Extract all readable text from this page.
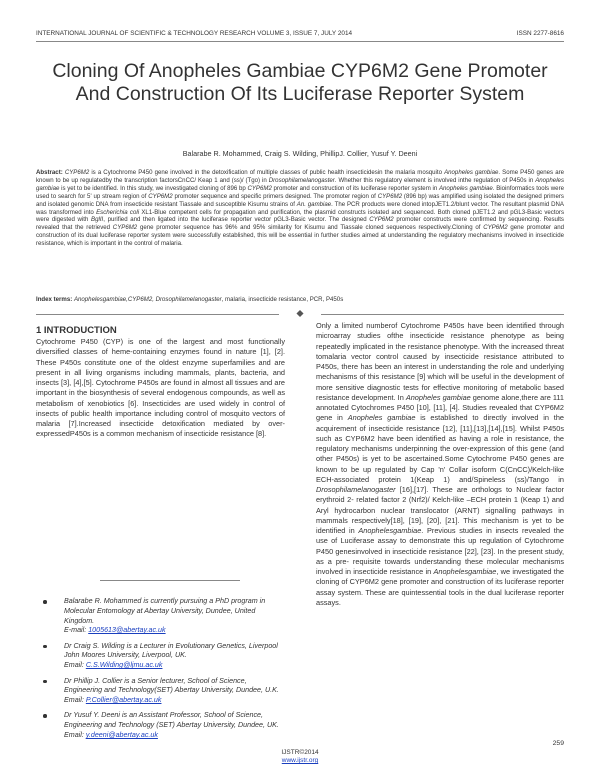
INTERNATIONAL JOURNAL OF SCIENTIFIC & TECHNOLOGY RESEARCH VOLUME 3, ISSUE 7, JULY 2014	ISSN 2277-8616
Cloning Of Anopheles Gambiae CYP6M2 Gene Promoter And Construction Of Its Luciferase Reporter System
Balarabe R. Mohammed, Craig S. Wilding, PhillipJ. Collier, Yusuf Y. Deeni
Abstract: CYP6M2 is a Cytochrome P450 gene involved in the detoxification of multiple classes of public health insecticidesin the malaria mosquito Anopheles gambiae. Some P450 genes are known to be up regulatedby the transcription factorsCnCC/ Keap 1 and (ss)/ (Tgo) in Drosophilamelanogaster. Whether this regulatory element is involved inthe regulation of P450s in Anopheles gambiae is yet to be identified. In this study, we investigated cloning of 896 bp CYP6M2 promoter and construction of its luciferase reporter system in Anopheles gambiae. Bioinformatics tools were used to search for 5' up stream region of CYP6M2 promoter sequence and specific primers designed. The promoter region of CYP6M2 (896 bp) was amplified using isolated the designed primers and isolated genomic DNA from insecticide resistant Tiassale and susceptible Kisumu strains of An. gambiae. The PCR products were cloned intopJET1.2/blunt vector. The resultant plasmid DNA was transformed into Escherichia coli XL1-Blue competent cells for propagation and purification, the plasmid constructs isolated and sequenced. Both cloned pJET1.2 and pGL3-Basic vectors were digested with BglII, purified and then ligated into the luciferase reporter vector pGL3-Basic vector. The designed CYP6M2 promoter constructs were confirmed by sequencing. Results revealed that the retrieved CYP6M2 gene promoter sequence has 96% and 95% similarity for Kisumu and Tiassale cloned sequences respectively.Cloning of CYP6M2 gene promoter and construction of its dual luciferase reporter system were successfully established, this will be essential in further studies aimed at understanding the regulatory mechanisms involved in insecticide resistance, which is important in the control of malaria.
Index terms: Anophelesgambiae,CYP6M2, Drosophilamelanogaster, malaria, insecticide resistance, PCR, P450s
1 INTRODUCTION

Cytochrome P450 (CYP) is one of the largest and most functionally diversified classes of heme-containing enzymes found in nature [1], [2]. These P450s constitute one of the oldest enzyme superfamilies and are present in all living organisms including mammals, plants, bacteria, and insects [3], [4],[5]. Cytochrome P450s are found in almost all tissues and are important in the biosynthesis of several endogenous compounds, as well as metabolism of xenobiotics [6]. Insecticides are used widely in control of insects of public health importance including control of mosquito vectors of malaria [7].Increased insecticide detoxification mediated by over-expressedP450s is a common mechanism of insecticide resistance [8].

Balarabe R. Mohammed is currently pursuing a PhD program in Molecular Entomology at Abertay University, Dundee, United Kingdom.
E-mail: 1005613@abertay.ac.uk
Dr Craig S. Wilding is a Lecturer in Evolutionary Genetics, Liverpool John Moores University, Liverpool, UK.
Email: C.S.Wilding@ljmu.ac.uk
Dr Phillip J. Collier is a Senior lecturer, School of Science, Engineering and Technology(SET) Abertay University, Dundee, U.K.
Email: P.Collier@abertay.ac.uk
Dr Yusuf Y. Deeni is an Assistant Professor, School of Science, Engineering and Technology (SET) Abertay University, Dundee, UK.
Email: y.deeni@abertay.ac.uk

Only a limited numberof Cytochrome P450s have been identified through microarray studies ofthe insecticide resistance phenotype as being repeatedly implicated in the resistance phenotype. With the increased threat tomalaria vector control caused by insecticide resistance attributed to P450s, there has been an interest in understanding the role and underlying mechanisms of this resistance [9] which will be useful in the development of more sensitive diagnostic tests for effective monitoring of metabolic based resistance development. In Anopheles gambiae genome alone,there are 111 annotated Cytochromes P450 [10], [11], [4]. Studies revealed that CYP6M2 gene in Anopheles gambiae is established to directly involved in the acquirement of insecticide resistance [12], [11],[13],[14],[15]. Whilst P450s such as CYP6M2 have been identified as having a role in resistance, the regulatory mechanisms underpinning the over-expression of this gene (and other P450s) is yet to be ascertained.Some Cytochrome P450 genes are known to be up regulated by Cap 'n' Collar isoform C(CnCC)/Kelch-like ECH-associated protein 1(Keap 1) and/Spineless (ss)/Tango in Drosophilamelanogaster [16],[17]. These are orthologs to Nuclear factor erythroid 2- related factor 2 (Nrf2)/ Kelch-like –ECH protein 1 (Keap 1) and Aryl hydrocarbon nuclear translocator (ARNT) signalling pathways in mammals respectively[18], [19], [20], [21]. This mechanism is yet to be identified in Anophelesgambiae. Previous studies in insects revealed the use of Luciferase assay to demonstrate this up regulation of Cytochrome P450 genesinvolved in insecticide resistance [22], [23]. In the present study, as a pre- requisite towards understanding these molecular mechanisms involved in insecticide resistance in Anophelesgambiae, we investigated the cloning of CYP6M2 gene promoter and construction of its luciferase reporter assay system. These are quintessential tools in the dual luciferase reporter assays.

259
IJSTR©2014
www.ijstr.org
